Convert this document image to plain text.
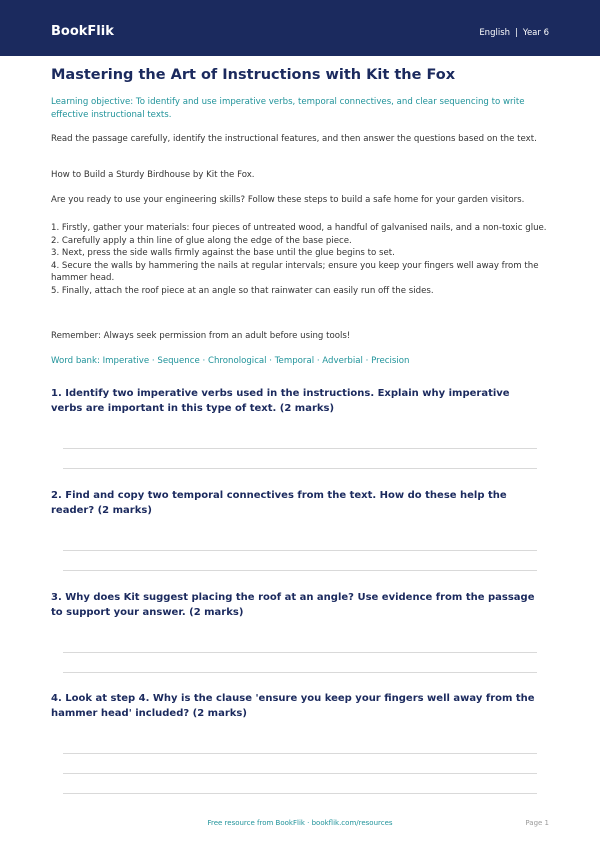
BookFlik	English | Year 6
Mastering the Art of Instructions with Kit the Fox
Learning objective: To identify and use imperative verbs, temporal connectives, and clear sequencing to write effective instructional texts.
Read the passage carefully, identify the instructional features, and then answer the questions based on the text.
How to Build a Sturdy Birdhouse by Kit the Fox.
Are you ready to use your engineering skills? Follow these steps to build a safe home for your garden visitors.
1. Firstly, gather your materials: four pieces of untreated wood, a handful of galvanised nails, and a non-toxic glue.
2. Carefully apply a thin line of glue along the edge of the base piece.
3. Next, press the side walls firmly against the base until the glue begins to set.
4. Secure the walls by hammering the nails at regular intervals; ensure you keep your fingers well away from the hammer head.
5. Finally, attach the roof piece at an angle so that rainwater can easily run off the sides.
Remember: Always seek permission from an adult before using tools!
Word bank: Imperative · Sequence · Chronological · Temporal · Adverbial · Precision
1. Identify two imperative verbs used in the instructions. Explain why imperative verbs are important in this type of text. (2 marks)
2. Find and copy two temporal connectives from the text. How do these help the reader? (2 marks)
3. Why does Kit suggest placing the roof at an angle? Use evidence from the passage to support your answer. (2 marks)
4. Look at step 4. Why is the clause 'ensure you keep your fingers well away from the hammer head' included? (2 marks)
Free resource from BookFlik · bookflik.com/resources	Page 1
